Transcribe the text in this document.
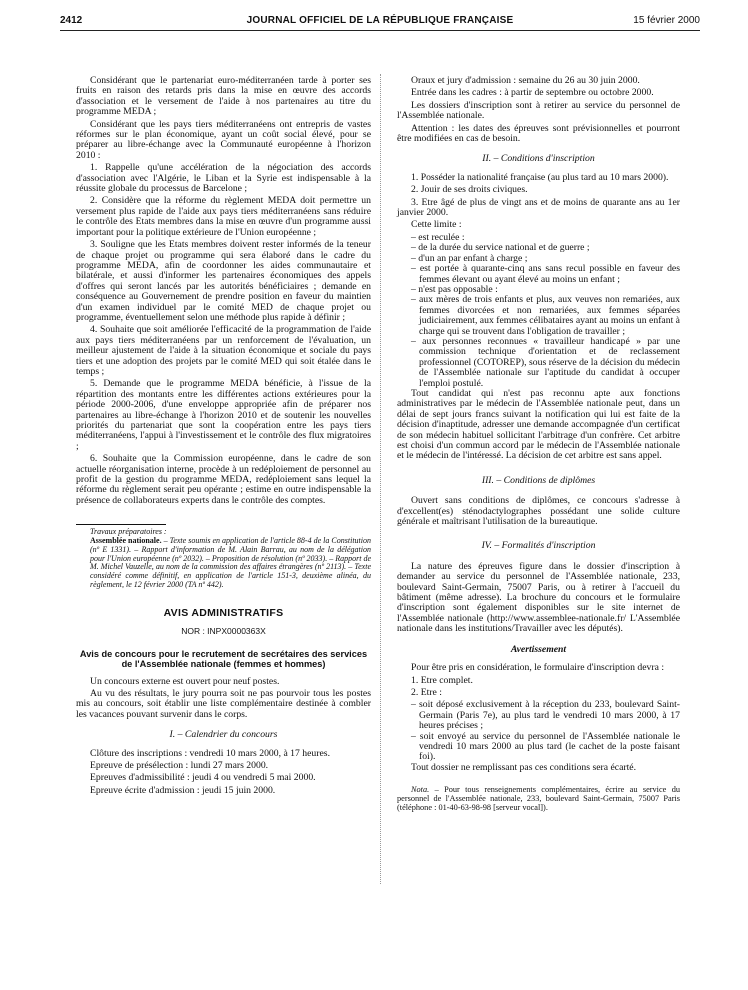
2412	JOURNAL OFFICIEL DE LA RÉPUBLIQUE FRANÇAISE	15 février 2000

Considérant que le partenariat euro-méditerranéen tarde à porter ses fruits en raison des retards pris dans la mise en œuvre des accords d'association et le versement de l'aide à nos partenaires au titre du programme MEDA ;

Considérant que les pays tiers méditerranéens ont entrepris de vastes réformes sur le plan économique, ayant un coût social élevé, pour se préparer au libre-échange avec la Communauté européenne à l'horizon 2010 :

1. Rappelle qu'une accélération de la négociation des accords d'association avec l'Algérie, le Liban et la Syrie est indispensable à la réussite globale du processus de Barcelone ;

2. Considère que la réforme du règlement MEDA doit permettre un versement plus rapide de l'aide aux pays tiers méditerranéens sans réduire le contrôle des Etats membres dans la mise en œuvre d'un programme aussi important pour la politique extérieure de l'Union européenne ;

3. Souligne que les Etats membres doivent rester informés de la teneur de chaque projet ou programme qui sera élaboré dans le cadre du programme MEDA, afin de coordonner les aides communautaire et bilatérale, et aussi d'informer les partenaires économiques des appels d'offres qui seront lancés par les autorités bénéficiaires ; demande en conséquence au Gouvernement de prendre position en faveur du maintien d'un examen individuel par le comité MED de chaque projet ou programme, éventuellement selon une méthode plus rapide à définir ;

4. Souhaite que soit améliorée l'efficacité de la programmation de l'aide aux pays tiers méditerranéens par un renforcement de l'évaluation, un meilleur ajustement de l'aide à la situation économique et sociale du pays tiers et une adoption des projets par le comité MED qui soit étalée dans le temps ;

5. Demande que le programme MEDA bénéficie, à l'issue de la répartition des montants entre les différentes actions extérieures pour la période 2000-2006, d'une enveloppe appropriée afin de préparer nos partenaires au libre-échange à l'horizon 2010 et de soutenir les nouvelles priorités du partenariat que sont la coopération entre les pays tiers méditerranéens, l'appui à l'investissement et le contrôle des flux migratoires ;

6. Souhaite que la Commission européenne, dans le cadre de son actuelle réorganisation interne, procède à un redéploiement de personnel au profit de la gestion du programme MEDA, redéploiement sans lequel la réforme du règlement serait peu opérante ; estime en outre indispensable la présence de collaborateurs experts dans le contrôle des comptes.

Travaux préparatoires :
Assemblée nationale. – Texte soumis en application de l'article 88-4 de la Constitution (nº E 1331). – Rapport d'information de M. Alain Barrau, au nom de la délégation pour l'Union européenne (nº 2032). – Proposition de résolution (nº 2033). – Rapport de M. Michel Vauzelle, au nom de la commission des affaires étrangères (nº 2113). – Texte considéré comme définitif, en application de l'article 151-3, deuxième alinéa, du règlement, le 12 février 2000 (TA nº 442).
AVIS ADMINISTRATIFS
NOR : INPX0000363X
Avis de concours pour le recrutement de secrétaires des services de l'Assemblée nationale (femmes et hommes)

Un concours externe est ouvert pour neuf postes.

Au vu des résultats, le jury pourra soit ne pas pourvoir tous les postes mis au concours, soit établir une liste complémentaire destinée à combler les vacances pouvant survenir dans le corps.

I. – Calendrier du concours

Clôture des inscriptions : vendredi 10 mars 2000, à 17 heures.

Epreuve de présélection : lundi 27 mars 2000.

Epreuves d'admissibilité : jeudi 4 ou vendredi 5 mai 2000.

Epreuve écrite d'admission : jeudi 15 juin 2000.

Oraux et jury d'admission : semaine du 26 au 30 juin 2000.

Entrée dans les cadres : à partir de septembre ou octobre 2000.

Les dossiers d'inscription sont à retirer au service du personnel de l'Assemblée nationale.

Attention : les dates des épreuves sont prévisionnelles et pourront être modifiées en cas de besoin.

II. – Conditions d'inscription

1. Posséder la nationalité française (au plus tard au 10 mars 2000).

2. Jouir de ses droits civiques.

3. Etre âgé de plus de vingt ans et de moins de quarante ans au 1er janvier 2000.

Cette limite :

– est reculée :

– de la durée du service national et de guerre ;

– d'un an par enfant à charge ;

– est portée à quarante-cinq ans sans recul possible en faveur des femmes élevant ou ayant élevé au moins un enfant ;

– n'est pas opposable :

– aux mères de trois enfants et plus, aux veuves non remariées, aux femmes divorcées et non remariées, aux femmes séparées judiciairement, aux femmes célibataires ayant au moins un enfant à charge qui se trouvent dans l'obligation de travailler ;

– aux personnes reconnues « travailleur handicapé » par une commission technique d'orientation et de reclassement professionnel (COTOREP), sous réserve de la décision du médecin de l'Assemblée nationale sur l'aptitude du candidat à occuper l'emploi postulé.

Tout candidat qui n'est pas reconnu apte aux fonctions administratives par le médecin de l'Assemblée nationale peut, dans un délai de sept jours francs suivant la notification qui lui est faite de la décision d'inaptitude, adresser une demande accompagnée d'un certificat de son médecin habituel sollicitant l'arbitrage d'un confrère. Cet arbitre est choisi d'un commun accord par le médecin de l'Assemblée nationale et le médecin de l'intéressé. La décision de cet arbitre est sans appel.

III. – Conditions de diplômes

Ouvert sans conditions de diplômes, ce concours s'adresse à d'excellent(es) sténodactylographes possédant une solide culture générale et maîtrisant l'utilisation de la bureautique.

IV. – Formalités d'inscription

La nature des épreuves figure dans le dossier d'inscription à demander au service du personnel de l'Assemblée nationale, 233, boulevard Saint-Germain, 75007 Paris, ou à retirer à l'accueil du bâtiment (même adresse). La brochure du concours et le formulaire d'inscription sont également disponibles sur le site internet de l'Assemblée nationale (http://www.assemblee-nationale.fr/ L'Assemblée nationale dans les institutions/Travailler avec les députés).

Avertissement

Pour être pris en considération, le formulaire d'inscription devra :

1. Etre complet.

2. Etre :

– soit déposé exclusivement à la réception du 233, boulevard Saint-Germain (Paris 7e), au plus tard le vendredi 10 mars 2000, à 17 heures précises ;

– soit envoyé au service du personnel de l'Assemblée nationale le vendredi 10 mars 2000 au plus tard (le cachet de la poste faisant foi).

Tout dossier ne remplissant pas ces conditions sera écarté.

Nota. – Pour tous renseignements complémentaires, écrire au service du personnel de l'Assemblée nationale, 233, boulevard Saint-Germain, 75007 Paris (téléphone : 01-40-63-98-98 [serveur vocal]).
